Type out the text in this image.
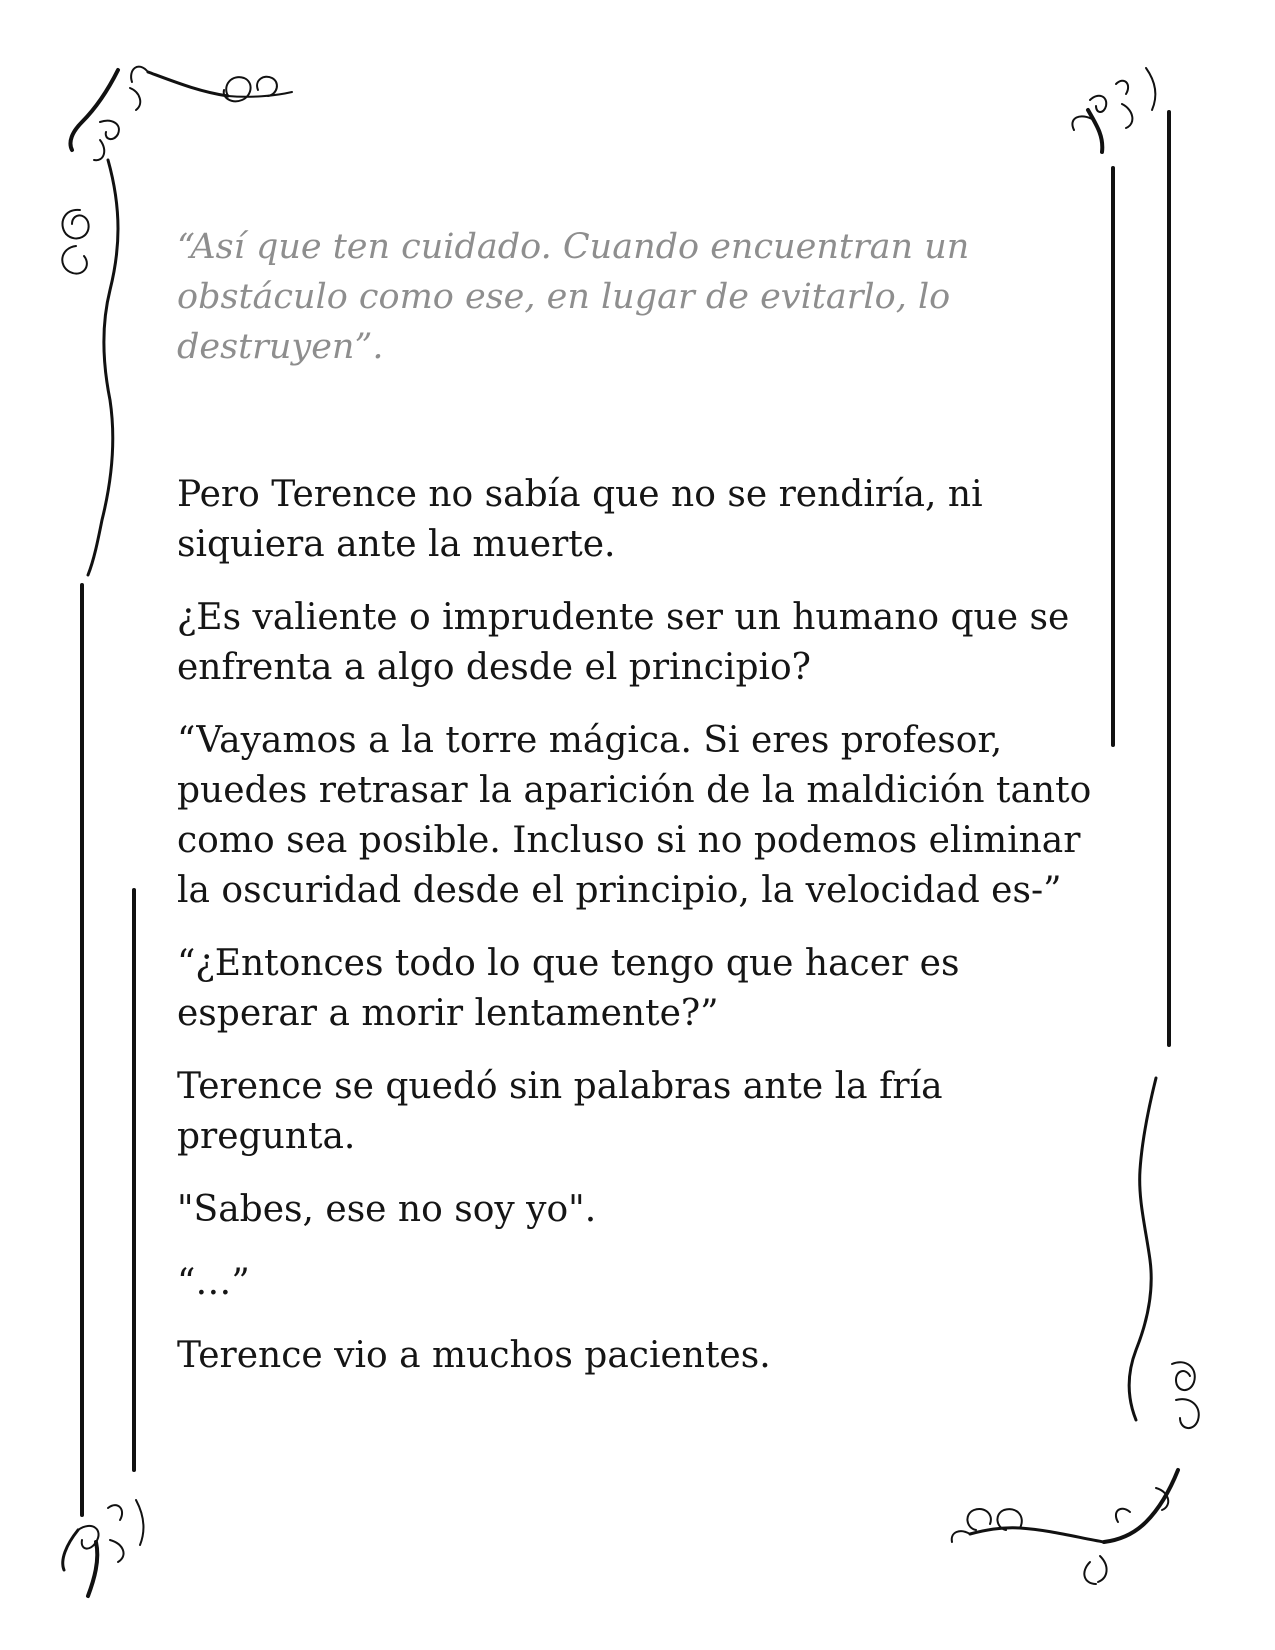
“Así que ten cuidado. Cuando encuentran un obstáculo como ese, en lugar de evitarlo, lo destruyen”.

Pero Terence no sabía que no se rendiría, ni siquiera ante la muerte.

¿Es valiente o imprudente ser un humano que se enfrenta a algo desde el principio?

“Vayamos a la torre mágica. Si eres profesor, puedes retrasar la aparición de la maldición tanto como sea posible. Incluso si no podemos eliminar la oscuridad desde el principio, la velocidad es-”

“¿Entonces todo lo que tengo que hacer es esperar a morir lentamente?”

Terence se quedó sin palabras ante la fría pregunta.

"Sabes, ese no soy yo".

“…”

Terence vio a muchos pacientes.
